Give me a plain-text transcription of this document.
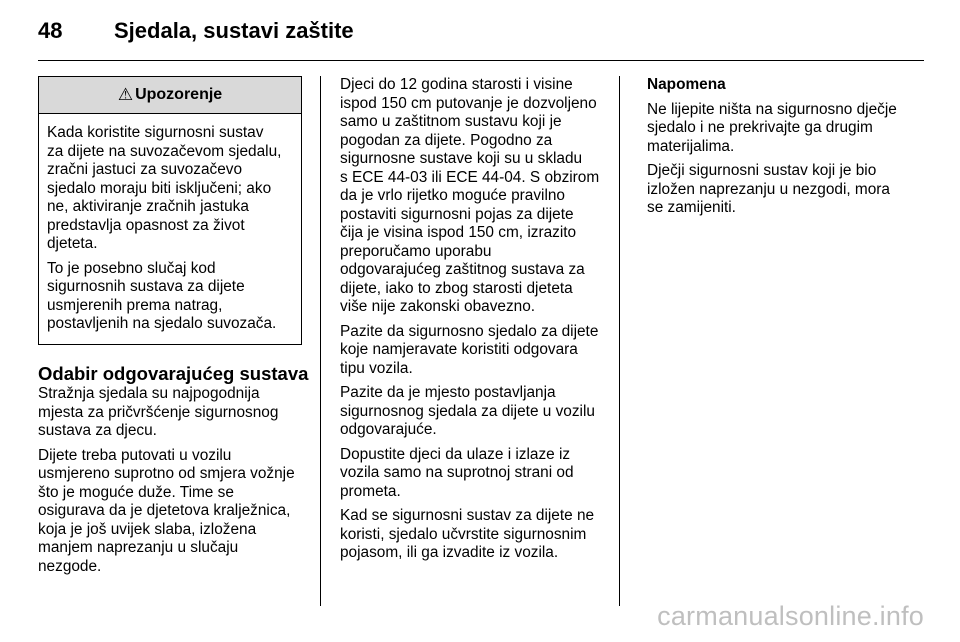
48 Sjedala, sustavi zaštite
⚠ Upozorenje

Kada koristite sigurnosni sustav
za dijete na suvozačevom sjedalu,
zračni jastuci za suvozačevo
sjedalo moraju biti isključeni; ako
ne, aktiviranje zračnih jastuka
predstavlja opasnost za život
djeteta.

To je posebno slučaj kod
sigurnosnih sustava za dijete
usmjerenih prema natrag,
postavljenih na sjedalo suvozača.

Odabir odgovarajućeg sustava

Stražnja sjedala su najpogodnija
mjesta za pričvršćenje sigurnosnog
sustava za djecu.

Dijete treba putovati u vozilu
usmjereno suprotno od smjera vožnje
što je moguće duže. Time se
osigurava da je djetetova kralježnica,
koja je još uvijek slaba, izložena
manjem naprezanju u slučaju
nezgode.

Djeci do 12 godina starosti i visine
ispod 150 cm putovanje je dozvoljeno
samo u zaštitnom sustavu koji je
pogodan za dijete. Pogodno za
sigurnosne sustave koji su u skladu
s ECE 44-03 ili ECE 44-04. S obzirom
da je vrlo rijetko moguće pravilno
postaviti sigurnosni pojas za dijete
čija je visina ispod 150 cm, izrazito
preporučamo uporabu
odgovarajućeg zaštitnog sustava za
dijete, iako to zbog starosti djeteta
više nije zakonski obavezno.

Pazite da sigurnosno sjedalo za dijete
koje namjeravate koristiti odgovara
tipu vozila.

Pazite da je mjesto postavljanja
sigurnosnog sjedala za dijete u vozilu
odgovarajuće.

Dopustite djeci da ulaze i izlaze iz
vozila samo na suprotnoj strani od
prometa.

Kad se sigurnosni sustav za dijete ne
koristi, sjedalo učvrstite sigurnosnim
pojasom, ili ga izvadite iz vozila.

Napomena

Ne lijepite ništa na sigurnosno dječje
sjedalo i ne prekrivajte ga drugim
materijalima.

Dječji sigurnosni sustav koji je bio
izložen naprezanju u nezgodi, mora
se zamijeniti.

carmanualsonline.info
